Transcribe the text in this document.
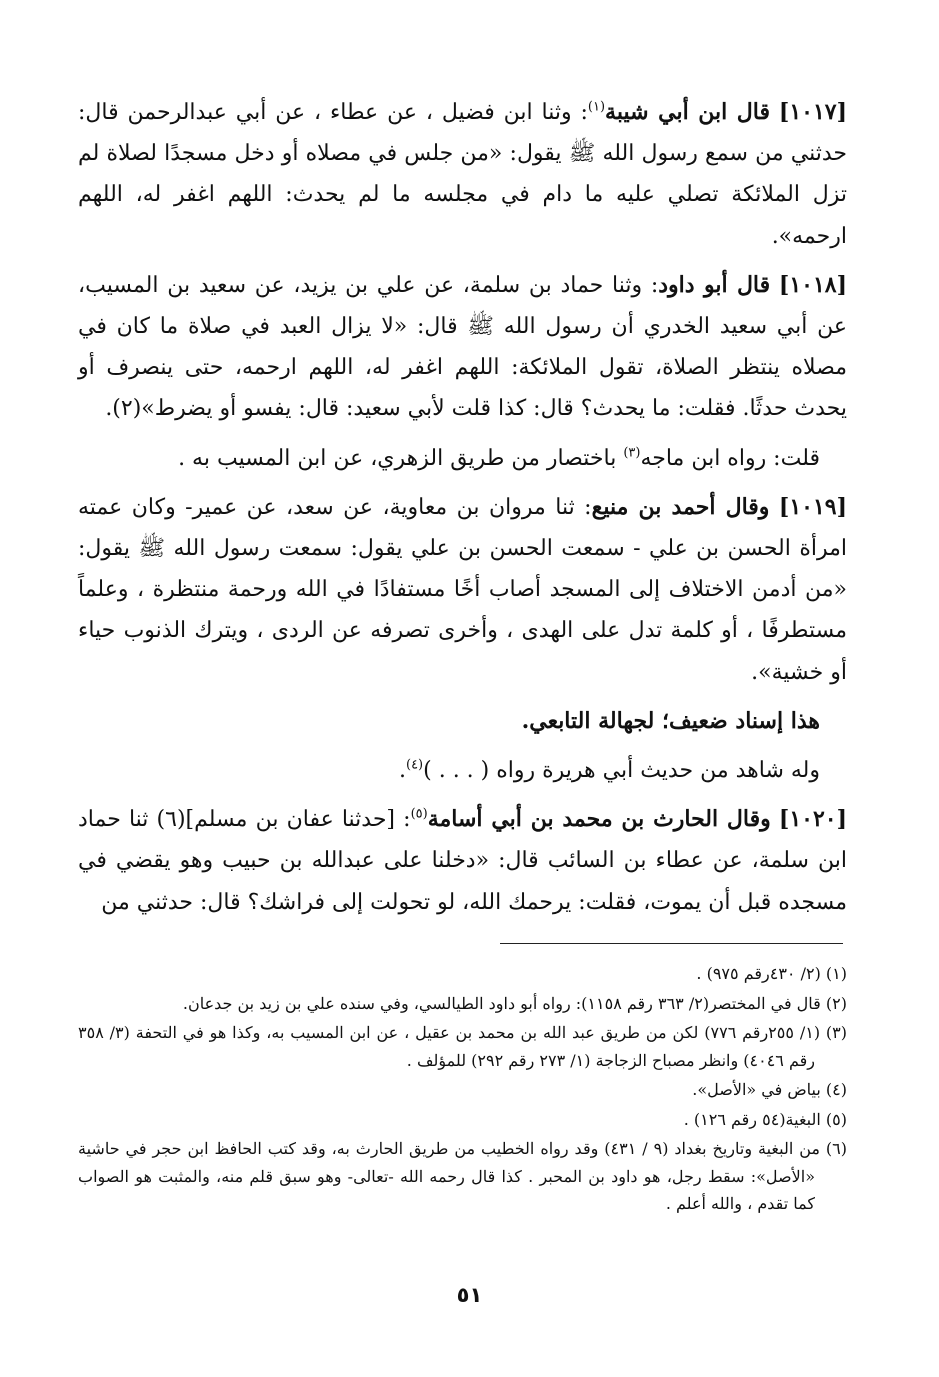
[١٠١٧] قال ابن أبي شيبة$^{(١)}$: وثنا ابن فضيل ، عن عطاء ، عن أبي عبدالرحمن قال: حدثني من سمع رسول الله ﷺ يقول: «من جلس في مصلاه أو دخل مسجدًا لصلاة لم تزل الملائكة تصلي عليه ما دام في مجلسه ما لم يحدث: اللهم اغفر له، اللهم ارحمه».

[١٠١٨] قال أبو داود: وثنا حماد بن سلمة، عن علي بن يزيد، عن سعيد بن المسيب، عن أبي سعيد الخدري أن رسول الله ﷺ قال: «لا يزال العبد في صلاة ما كان في مصلاه ينتظر الصلاة، تقول الملائكة: اللهم اغفر له، اللهم ارحمه، حتى ينصرف أو يحدث حدثًا. فقلت: ما يحدث؟ قال: كذا قلت لأبي سعيد: قال: يفسو أو يضرط»(٢).

قلت: رواه ابن ماجه$^{(٣)}$ باختصار من طريق الزهري، عن ابن المسيب به .

[١٠١٩] وقال أحمد بن منيع: ثنا مروان بن معاوية، عن سعد، عن عمير- وكان عمته امرأة الحسن بن علي - سمعت الحسن بن علي يقول: سمعت رسول الله ﷺ يقول: «من أدمن الاختلاف إلى المسجد أصاب أخًا مستفادًا في الله ورحمة منتظرة ، وعلماً مستطرفًا ، أو كلمة تدل على الهدى ، وأخرى تصرفه عن الردى ، ويترك الذنوب حياء أو خشية».

هذا إسناد ضعيف؛ لجهالة التابعي.

وله شاهد من حديث أبي هريرة رواه ( . . . )$^{(٤)}$.

[١٠٢٠] وقال الحارث بن محمد بن أبي أسامة$^{(٥)}$: [حدثنا عفان بن مسلم](٦) ثنا حماد ابن سلمة، عن عطاء بن السائب قال: «دخلنا على عبدالله بن حبيب وهو يقضي في مسجده قبل أن يموت، فقلت: يرحمك الله، لو تحولت إلى فراشك؟ قال: حدثني من

(١) (٢/ ٤٣٠رقم ٩٧٥) .

(٢) قال في المختصر(٢/ ٣٦٣ رقم ١١٥٨): رواه أبو داود الطيالسي، وفي سنده علي بن زيد بن جدعان.

(٣) (١/ ٢٥٥رقم ٧٧٦) لكن من طريق عبد الله بن محمد بن عقيل ، عن ابن المسيب به، وكذا هو في التحفة (٣/ ٣٥٨ رقم ٤٠٤٦) وانظر مصباح الزجاجة (١/ ٢٧٣ رقم ٢٩٢) للمؤلف .

(٤) بياض في «الأصل».

(٥) البغية(٥٤ رقم ١٢٦) .

(٦) من البغية وتاريخ بغداد (٩ / ٤٣١) وقد رواه الخطيب من طريق الحارث به، وقد كتب الحافظ ابن حجر في حاشية «الأصل»: سقط رجل، هو داود بن المحبر . كذا قال رحمه الله -تعالى- وهو سبق قلم منه، والمثبت هو الصواب كما تقدم ، والله أعلم .

٥١
